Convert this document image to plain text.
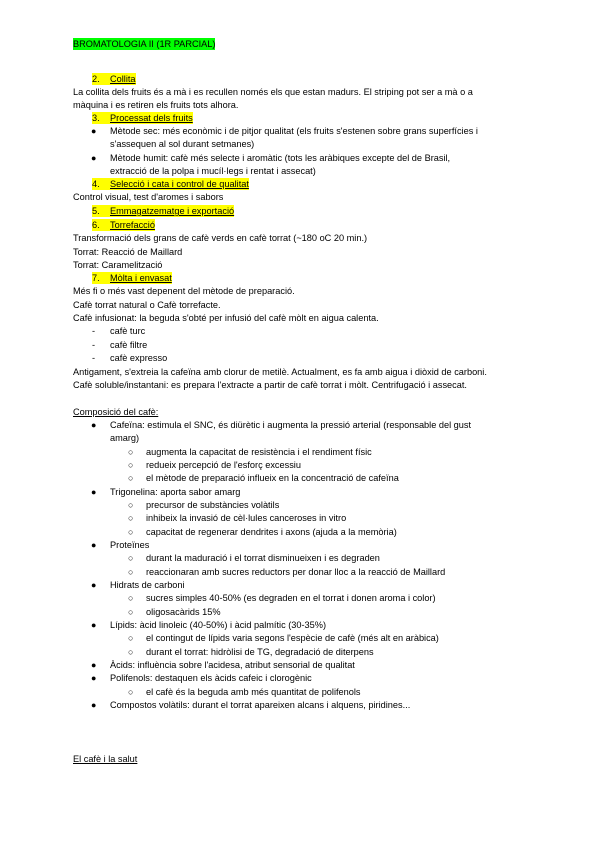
BROMATOLOGIA II (1R PARCIAL)
2. Collita
La collita dels fruits és a mà i es recullen només els que estan madurs. El striping pot ser a mà o a
màquina i es retiren els fruits tots alhora.
3. Processat dels fruits
● Mètode sec: més econòmic i de pitjor qualitat (els fruits s'estenen sobre grans superfícies i
s'assequen al sol durant setmanes)
● Mètode humit: cafè més selecte i aromàtic (tots les aràbiques excepte del de Brasil,
extracció de la polpa i mucíl·legs i rentat i assecat)
4. Selecció i cata i control de qualitat
Control visual, test d'aromes i sabors
5. Emmagatzematge i exportació
6. Torrefacció
Transformació dels grans de cafè verds en cafè torrat (~180 oC 20 min.)
Torrat: Reacció de Maillard
Torrat: Caramelització
7. Mòlta i envasat
Més fi o més vast depenent del mètode de preparació.
Cafè torrat natural o Cafè torrefacte.
Cafè infusionat: la beguda s'obté per infusió del cafè mòlt en aigua calenta.
- cafè turc
- cafè filtre
- cafè expresso
Antigament, s'extreia la cafeïna amb clorur de metilè. Actualment, es fa amb aigua i diòxid de carboni.
Cafè soluble/instantani: es prepara l'extracte a partir de cafè torrat i mòlt. Centrifugació i assecat.
Composició del cafè:
● Cafeïna: estimula el SNC, és diürètic i augmenta la pressió arterial (responsable del gust
amarg)
○ augmenta la capacitat de resistència i el rendiment físic
○ redueix percepció de l'esforç excessiu
○ el mètode de preparació influeix en la concentració de cafeïna
● Trigonelina: aporta sabor amarg
○ precursor de substàncies volàtils
○ inhibeix la invasió de cèl·lules canceroses in vitro
○ capacitat de regenerar dendrites i axons (ajuda a la memòria)
● Proteïnes
○ durant la maduració i el torrat disminueixen i es degraden
○ reaccionaran amb sucres reductors per donar lloc a la reacció de Maillard
● Hidrats de carboni
○ sucres simples 40-50% (es degraden en el torrat i donen aroma i color)
○ oligosacàrids 15%
● Lípids: àcid linoleic (40-50%) i àcid palmític (30-35%)
○ el contingut de lípids varia segons l'espècie de cafè (més alt en aràbica)
○ durant el torrat: hidròlisi de TG, degradació de diterpens
● Àcids: influència sobre l'acidesa, atribut sensorial de qualitat
● Polifenols: destaquen els àcids cafeic i clorogènic
○ el cafè és la beguda amb més quantitat de polifenols
● Compostos volàtils: durant el torrat apareixen alcans i alquens, piridines...
El cafè i la salut
